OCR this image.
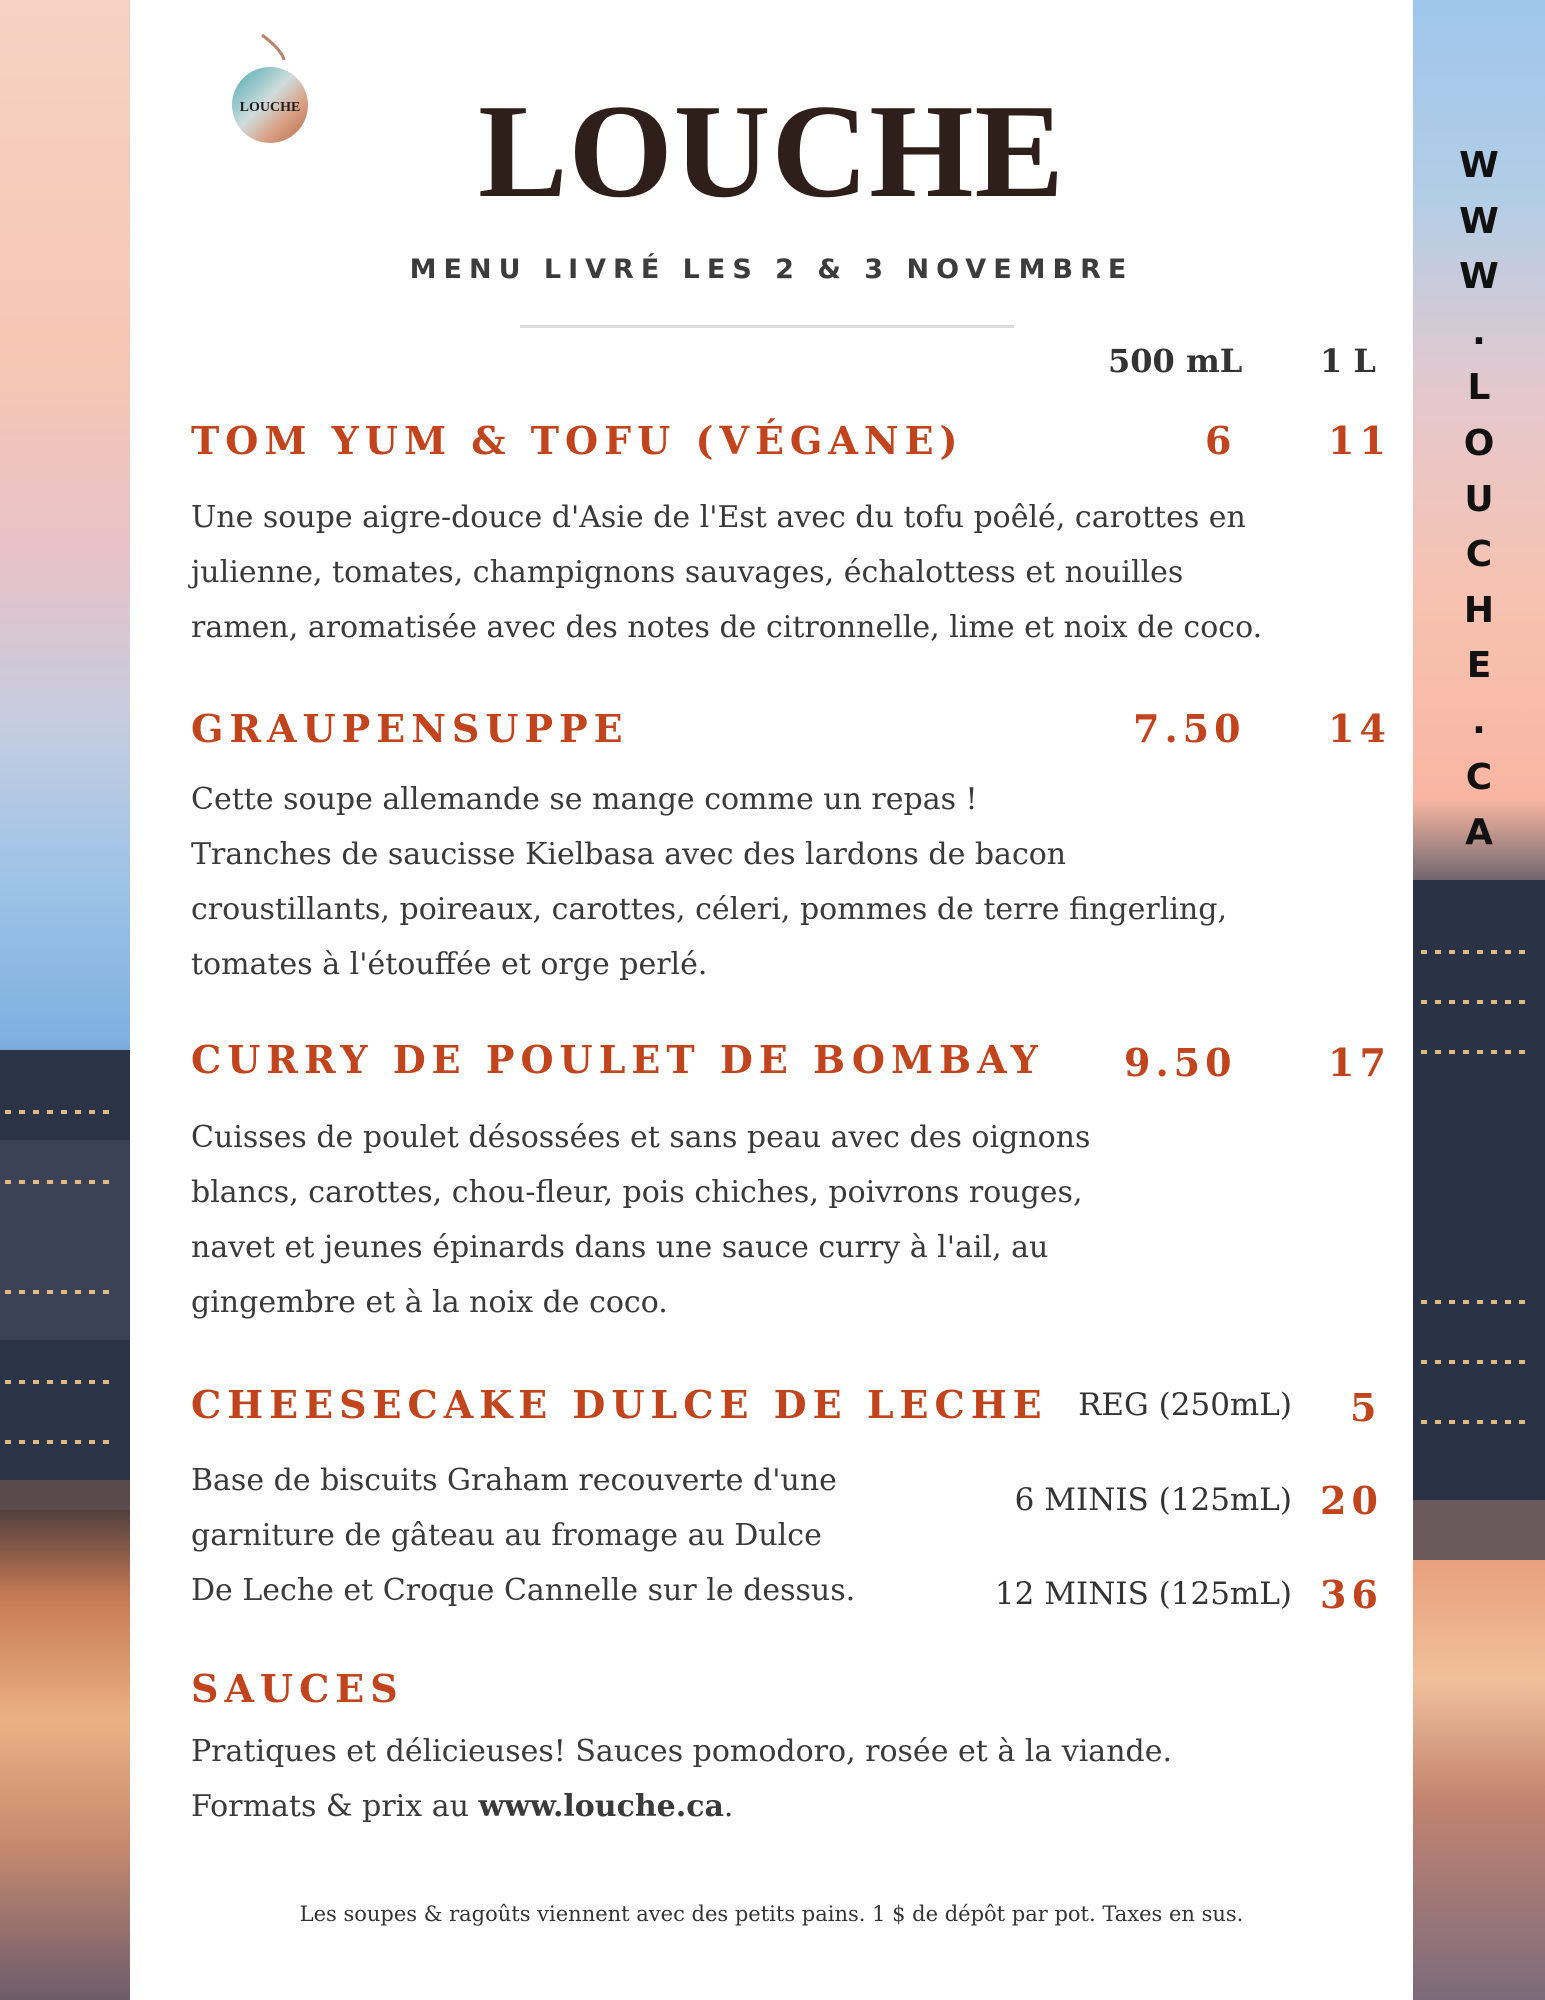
W
W
W
.
L
O
U
C
H
E
.
C
A
LOUCHE	LOUCHE
MENU LIVRÉ LES 2 & 3 NOVEMBRE
500 mL 1 L
TOM YUM & TOFU (VÉGANE)	6 11
Une soupe aigre-douce d'Asie de l'Est avec du tofu poêlé, carottes en
julienne, tomates, champignons sauvages, échalottess et nouilles
ramen, aromatisée avec des notes de citronnelle, lime et noix de coco.
GRAUPENSUPPE	7.50 14
Cette soupe allemande se mange comme un repas !
Tranches de saucisse Kielbasa avec des lardons de bacon
croustillants, poireaux, carottes, céleri, pommes de terre fingerling,
tomates à l'étouffée et orge perlé.
CURRY DE POULET DE BOMBAY 9.50 17
Cuisses de poulet désossées et sans peau avec des oignons
blancs, carottes, chou-fleur, pois chiches, poivrons rouges,
navet et jeunes épinards dans une sauce curry à l'ail, au
gingembre et à la noix de coco.
CHEESECAKE DULCE DE LECHE REG (250mL) 5
6 MINIS (125mL) 20
12 MINIS (125mL) 36
Base de biscuits Graham recouverte d'une
garniture de gâteau au fromage au Dulce
De Leche et Croque Cannelle sur le dessus.
SAUCES
Pratiques et délicieuses! Sauces pomodoro, rosée et à la viande.
Formats & prix au www.louche.ca.
Les soupes & ragoûts viennent avec des petits pains. 1 $ de dépôt par pot. Taxes en sus.
